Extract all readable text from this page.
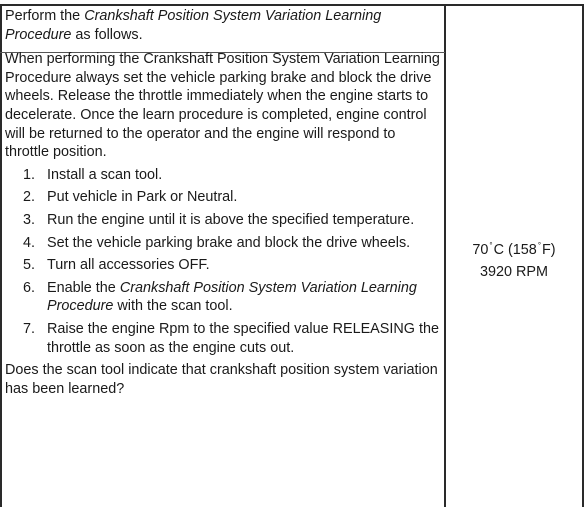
Perform the Crankshaft Position System Variation Learning Procedure as follows.

When performing the Crankshaft Position System Variation Learning Procedure always set the vehicle parking brake and block the drive wheels. Release the throttle immediately when the engine starts to decelerate. Once the learn procedure is completed, engine control will be returned to the operator and the engine will respond to throttle position.

1. Install a scan tool.
2. Put vehicle in Park or Neutral.
3. Run the engine until it is above the specified temperature.
4. Set the vehicle parking brake and block the drive wheels.
5. Turn all accessories OFF.
6. Enable the Crankshaft Position System Variation Learning Procedure with the scan tool.
7. Raise the engine Rpm to the specified value RELEASING the throttle as soon as the engine cuts out.

Does the scan tool indicate that crankshaft position system variation has been learned?

70°C (158°F)
3920 RPM
